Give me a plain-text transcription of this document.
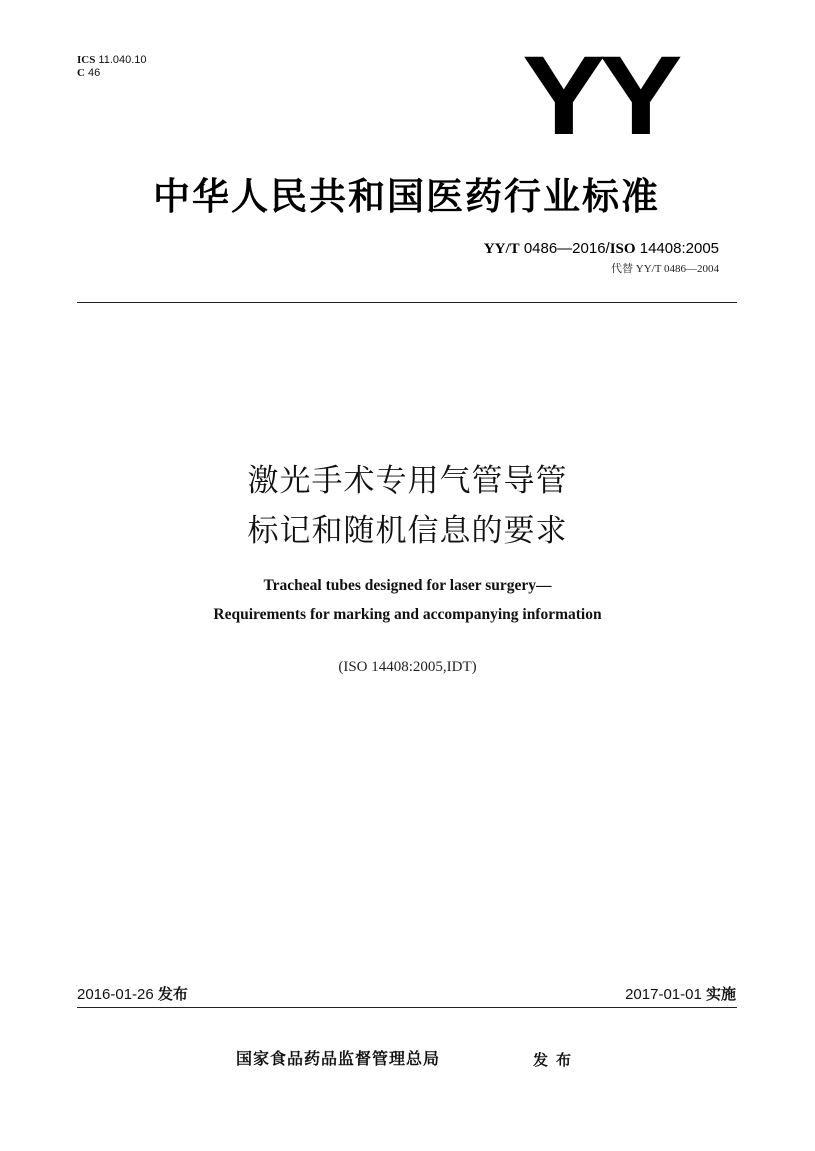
ICS 11.040.10
C 46	YY
中华人民共和国医药行业标准
YY/T 0486—2016/ISO 14408:2005
代替 YY/T 0486—2004
激光手术专用气管导管
标记和随机信息的要求
Tracheal tubes designed for laser surgery—
Requirements for marking and accompanying information
(ISO 14408:2005,IDT)
2016-01-26 发布	2017-01-01 实施
国家食品药品监督管理总局	发布
